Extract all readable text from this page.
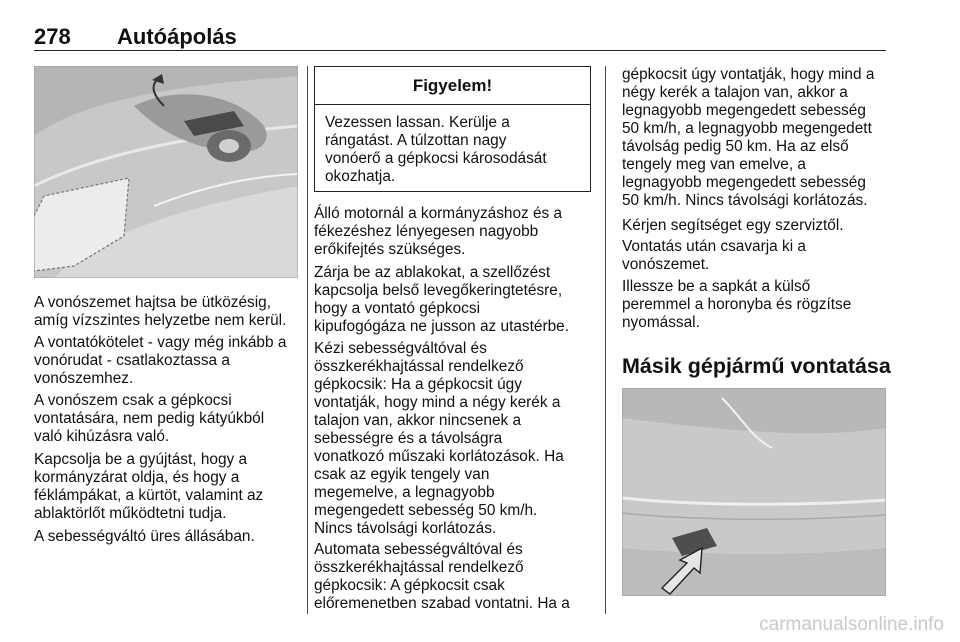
278 Autóápolás

A vonószemet hajtsa be ütközésig,
amíg vízszintes helyzetbe nem kerül.

A vontatókötelet - vagy még inkább a
vonórudat - csatlakoztassa a
vonószemhez.

A vonószem csak a gépkocsi
vontatására, nem pedig kátyúkból
való kihúzásra való.

Kapcsolja be a gyújtást, hogy a
kormányzárat oldja, és hogy a
féklámpákat, a kürtöt, valamint az
ablaktörlőt működtetni tudja.

A sebességváltó üres állásában.

Figyelem!
Vezessen lassan. Kerülje a
rángatást. A túlzottan nagy
vonóerő a gépkocsi károsodását
okozhatja.

Álló motornál a kormányzáshoz és a
fékezéshez lényegesen nagyobb
erőkifejtés szükséges.

Zárja be az ablakokat, a szellőzést
kapcsolja belső levegőkeringtetésre,
hogy a vontató gépkocsi
kipufogógáza ne jusson az utastérbe.

Kézi sebességváltóval és
összkerékhajtással rendelkező
gépkocsik: Ha a gépkocsit úgy
vontatják, hogy mind a négy kerék a
talajon van, akkor nincsenek a
sebességre és a távolságra
vonatkozó műszaki korlátozások. Ha
csak az egyik tengely van
megemelve, a legnagyobb
megengedett sebesség 50 km/h.
Nincs távolsági korlátozás.

Automata sebességváltóval és
összkerékhajtással rendelkező
gépkocsik: A gépkocsit csak
előremenetben szabad vontatni. Ha a

gépkocsit úgy vontatják, hogy mind a
négy kerék a talajon van, akkor a
legnagyobb megengedett sebesség
50 km/h, a legnagyobb megengedett
távolság pedig 50 km. Ha az első
tengely meg van emelve, a
legnagyobb megengedett sebesség
50 km/h. Nincs távolsági korlátozás.

Kérjen segítséget egy szerviztől.

Vontatás után csavarja ki a
vonószemet.

Illessze be a sapkát a külső
peremmel a horonyba és rögzítse
nyomással.

Másik gépjármű vontatása
carmanualsonline.info
